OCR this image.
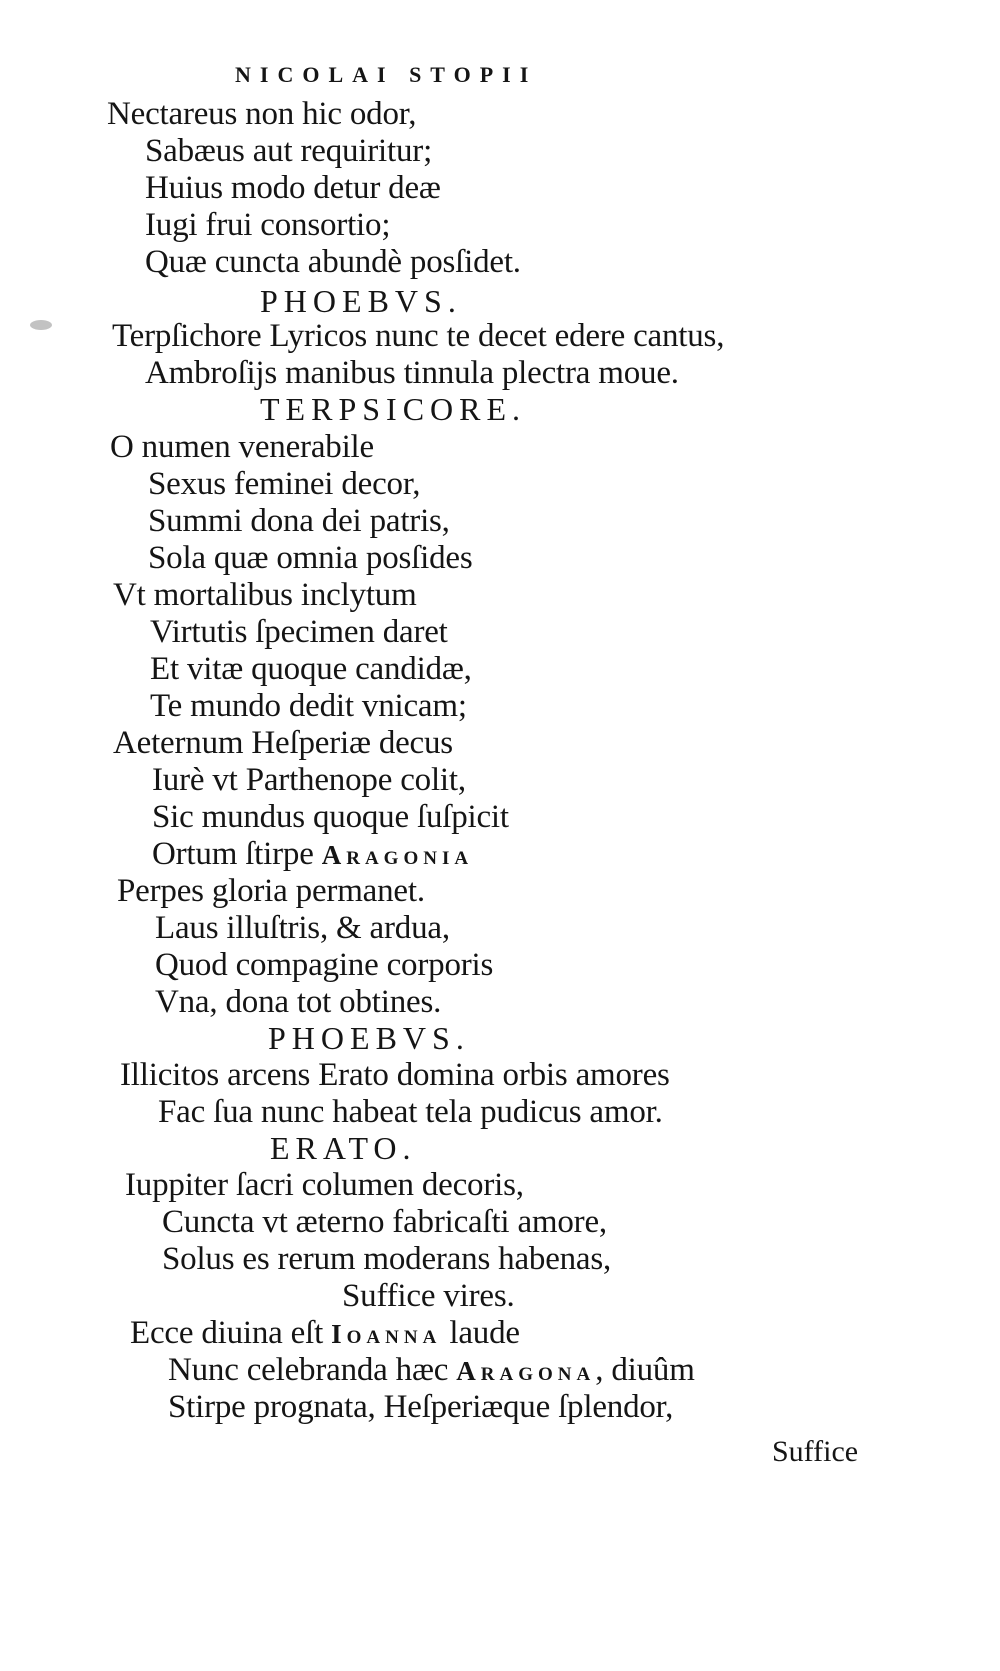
NICOLAI STOPII
Nectareus non hic odor,
Sabæus aut requiritur;
Huius modo detur deæ
Iugi frui consortio;
Quæ cuncta abundè posſidet.
PHOEBVS.
Terpſichore Lyricos nunc te decet edere cantus,
Ambroſijs manibus tinnula plectra moue.
TERPSICORE.
O numen venerabile
Sexus feminei decor,
Summi dona dei patris,
Sola quæ omnia posſides
Vt mortalibus inclytum
Virtutis ſpecimen daret
Et vitæ quoque candidæ,
Te mundo dedit vnicam;
Aeternum Heſperiæ decus
Iurè vt Parthenope colit,
Sic mundus quoque ſuſpicit
Ortum ſtirpe Aragonia
Perpes gloria permanet.
Laus illuſtris, & ardua,
Quod compagine corporis
Vna, dona tot obtines.
PHOEBVS.
Illicitos arcens Erato domina orbis amores
Fac ſua nunc habeat tela pudicus amor.
ERATO.
Iuppiter ſacri columen decoris,
Cuncta vt æterno fabricaſti amore,
Solus es rerum moderans habenas,
Suffice vires.
Ecce diuina eſt Ioanna laude
Nunc celebranda hæc Aragona, diuûm
Stirpe prognata, Heſperiæque ſplendor,
Suffice
